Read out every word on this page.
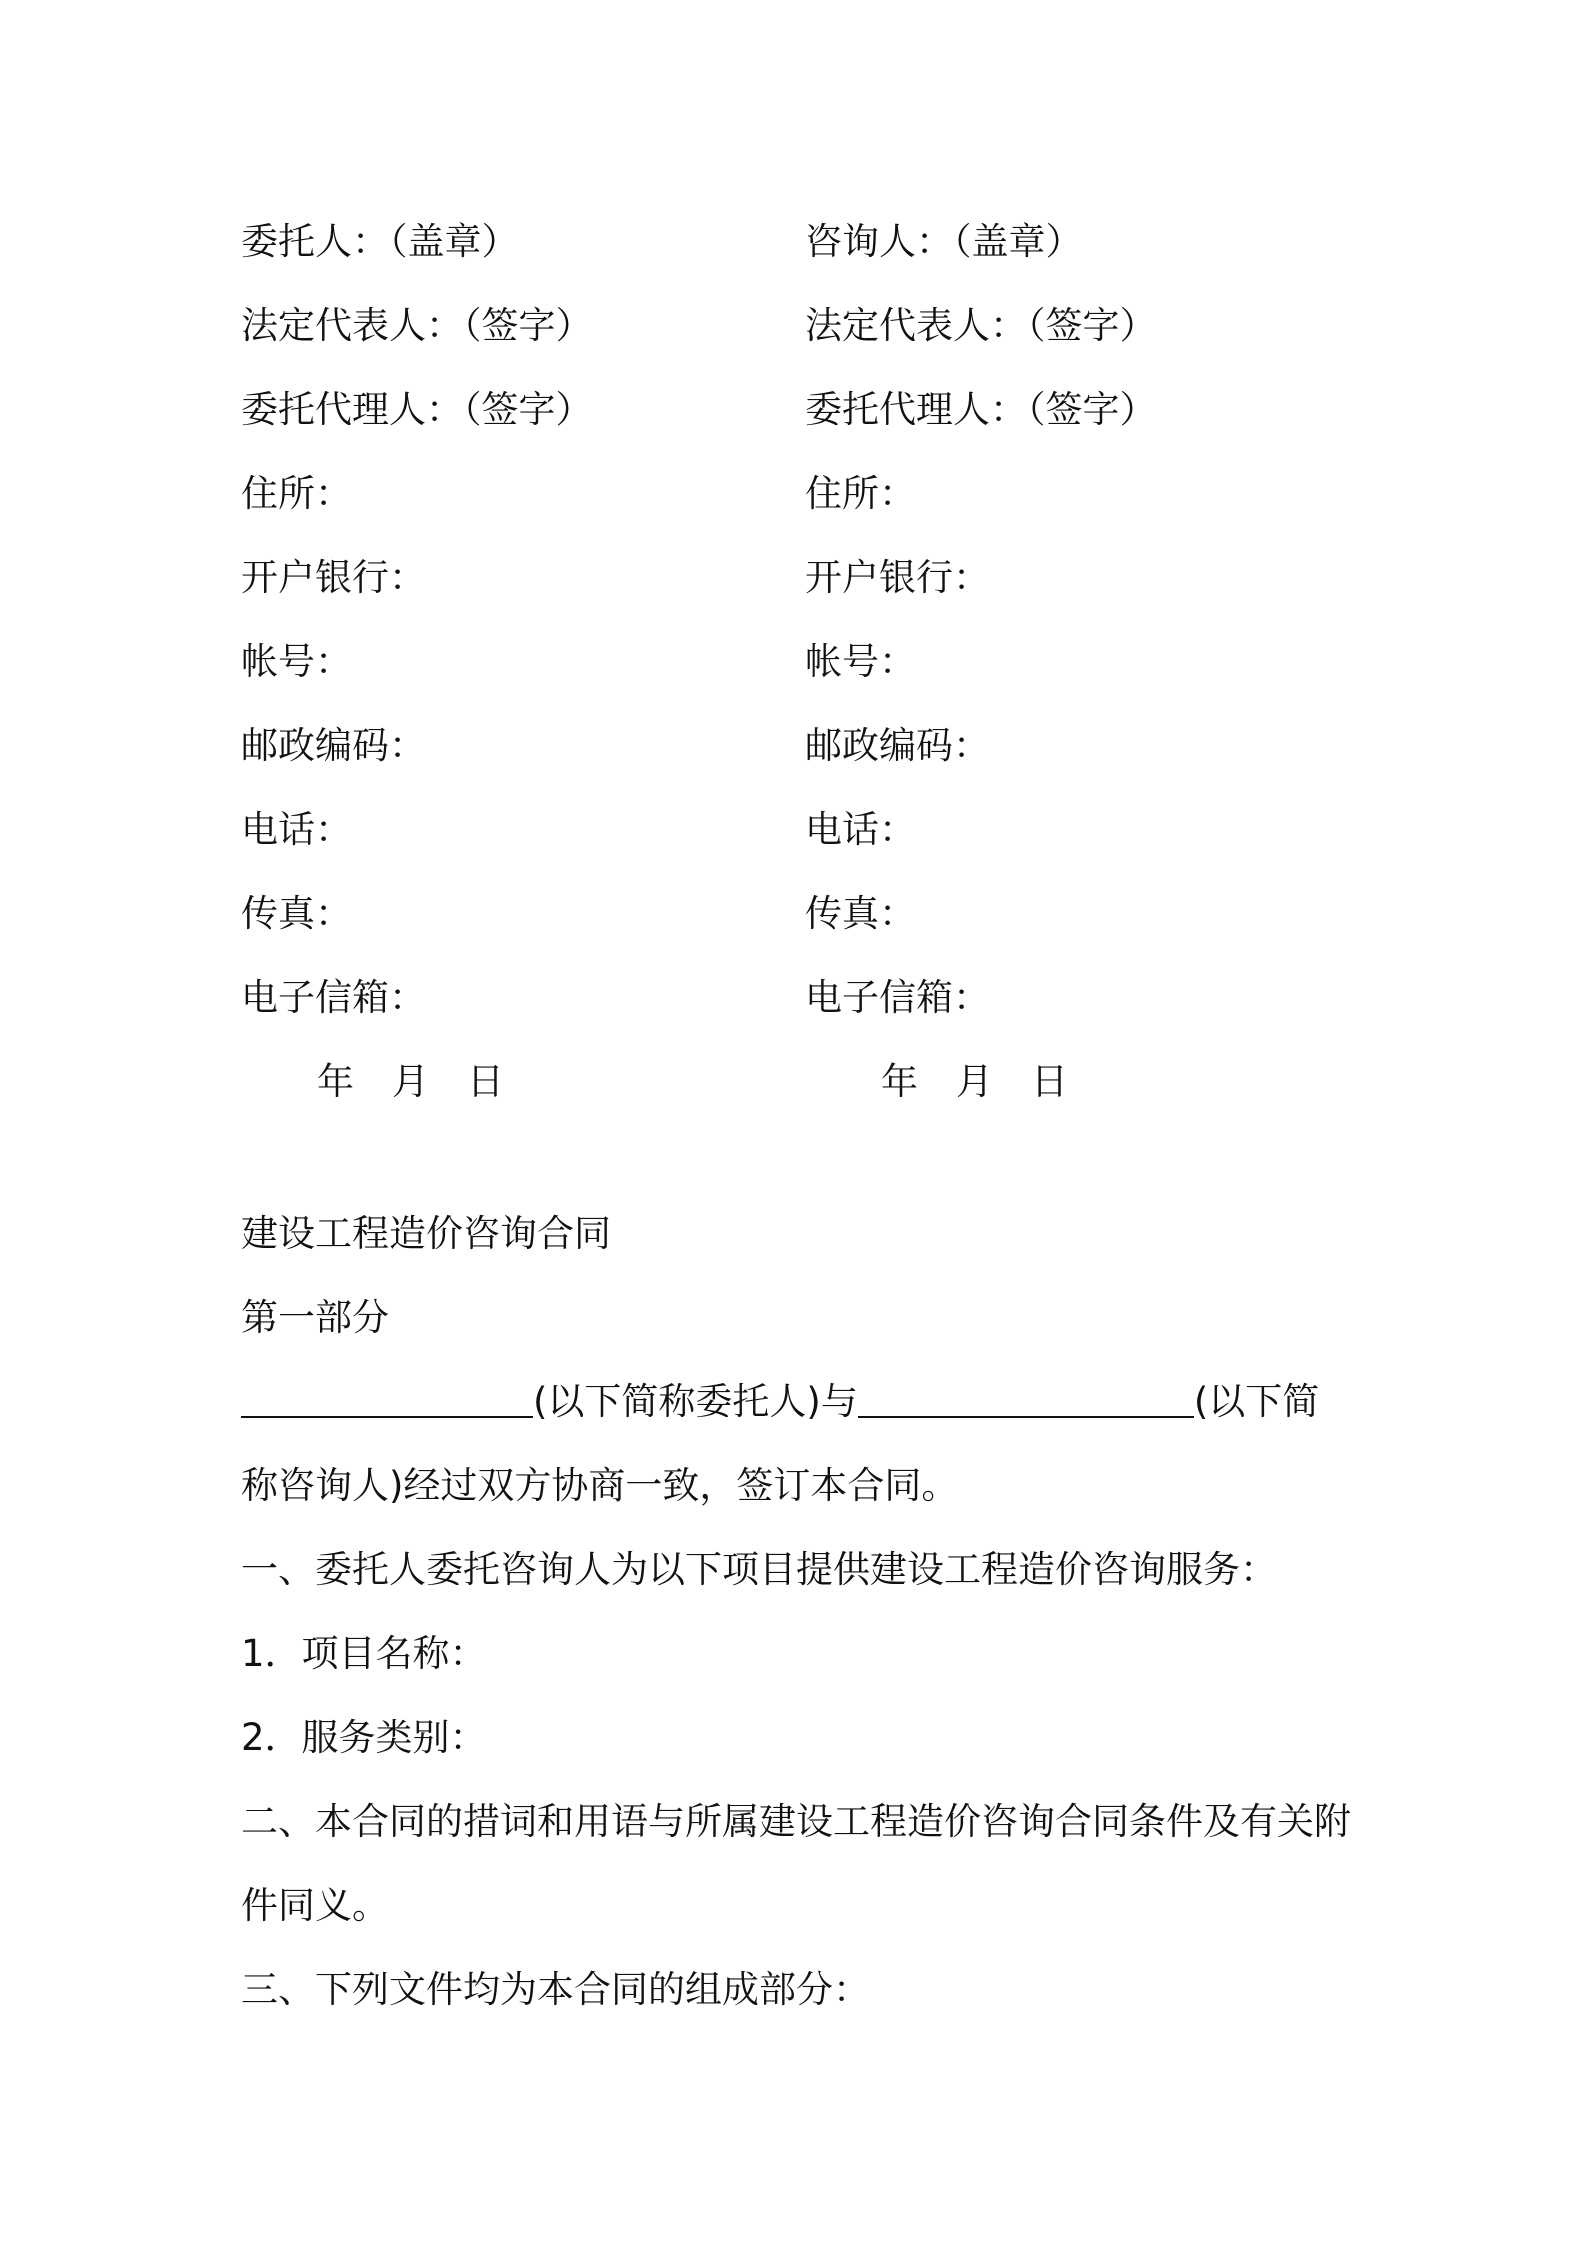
委托人：（盖章）
法定代表人：（签字）
委托代理人：（签字）
住所：
开户银行：
帐号：
邮政编码：
电话：
传真：
电子信箱：
年 月 日
咨询人：（盖章）
法定代表人：（签字）
委托代理人：（签字）
住所：
开户银行：
帐号：
邮政编码：
电话：
传真：
电子信箱：
年 月 日
建设工程造价咨询合同
第一部分
(以下简称委托人)与	(以下简
称咨询人)经过双方协商一致，签订本合同。
一、委托人委托咨询人为以下项目提供建设工程造价咨询服务：
1．项目名称：
2．服务类别：
二、本合同的措词和用语与所属建设工程造价咨询合同条件及有关附
件同义。
三、下列文件均为本合同的组成部分：
